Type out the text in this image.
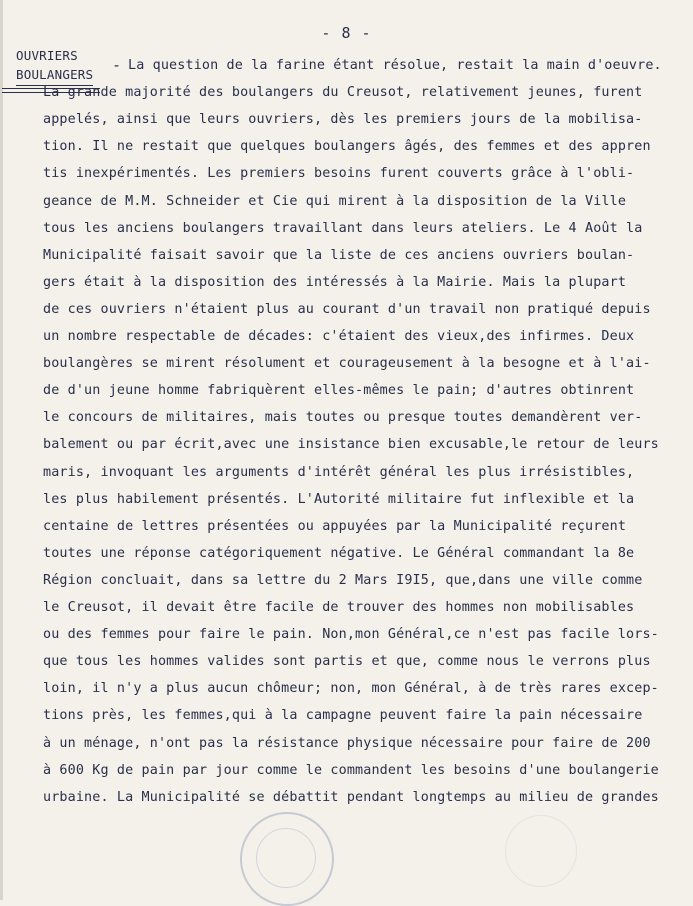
- 8 -
OUVRIERS
BOULANGERS
- La question de la farine étant résolue, restait la main d'oeuvre.
La grande majorité des boulangers du Creusot, relativement jeunes, furent
appelés, ainsi que leurs ouvriers, dès les premiers jours de la mobilisa-
tion. Il ne restait que quelques boulangers âgés, des femmes et des appren
tis inexpérimentés. Les premiers besoins furent couverts grâce à l'obli-
geance de M.M. Schneider et Cie qui mirent à la disposition de la Ville
tous les anciens boulangers travaillant dans leurs ateliers. Le 4 Août la
Municipalité faisait savoir que la liste de ces anciens ouvriers boulan-
gers était à la disposition des intéressés à la Mairie. Mais la plupart
de ces ouvriers n'étaient plus au courant d'un travail non pratiqué depuis
un nombre respectable de décades: c'étaient des vieux,des infirmes. Deux
boulangères se mirent résolument et courageusement à la besogne et à l'ai-
de d'un jeune homme fabriquèrent elles-mêmes le pain; d'autres obtinrent
le concours de militaires, mais toutes ou presque toutes demandèrent ver-
balement ou par écrit,avec une insistance bien excusable,le retour de leurs
maris, invoquant les arguments d'intérêt général les plus irrésistibles,
les plus habilement présentés. L'Autorité militaire fut inflexible et la
centaine de lettres présentées ou appuyées par la Municipalité reçurent
toutes une réponse catégoriquement négative. Le Général commandant la 8e
Région concluait, dans sa lettre du 2 Mars I9I5, que,dans une ville comme
le Creusot, il devait être facile de trouver des hommes non mobilisables
ou des femmes pour faire le pain. Non,mon Général,ce n'est pas facile lors-
que tous les hommes valides sont partis et que, comme nous le verrons plus
loin, il n'y a plus aucun chômeur; non, mon Général, à de très rares excep-
tions près, les femmes,qui à la campagne peuvent faire la pain nécessaire
à un ménage, n'ont pas la résistance physique nécessaire pour faire de 200
à 600 Kg de pain par jour comme le commandent les besoins d'une boulangerie
urbaine. La Municipalité se débattit pendant longtemps au milieu de grandes
